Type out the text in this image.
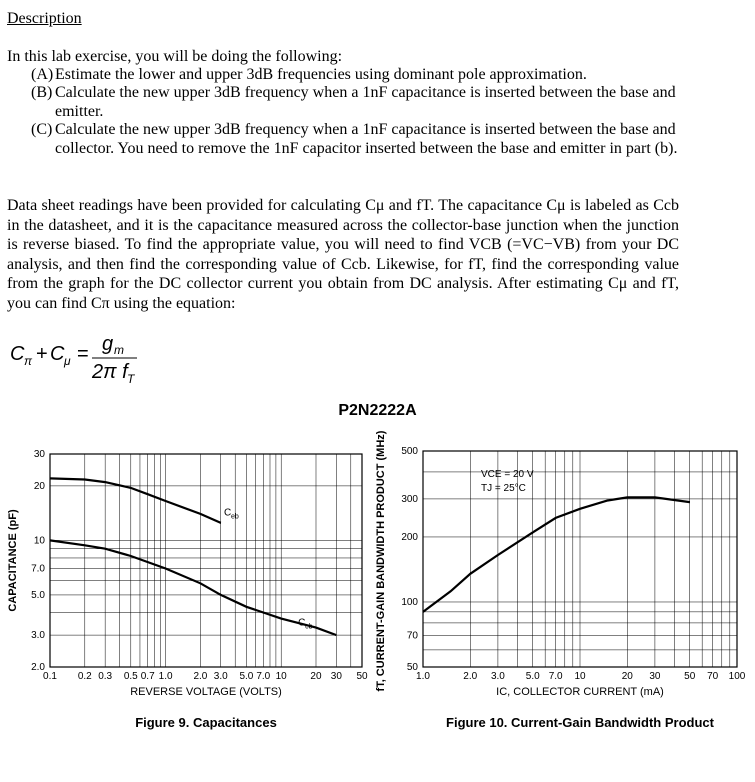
Description
In this lab exercise, you will be doing the following:
(A) Estimate the lower and upper 3dB frequencies using dominant pole approximation.
(B) Calculate the new upper 3dB frequency when a 1nF capacitance is inserted between the base and emitter.
(C) Calculate the new upper 3dB frequency when a 1nF capacitance is inserted between the base and collector. You need to remove the 1nF capacitor inserted between the base and emitter in part (b).
Data sheet readings have been provided for calculating Cμ and fT. The capacitance Cμ is labeled as Ccb in the datasheet, and it is the capacitance measured across the collector-base junction when the junction is reverse biased. To find the appropriate value, you will need to find VCB (=VC−VB) from your DC analysis, and then find the corresponding value of Ccb. Likewise, for fT, find the corresponding value from the graph for the DC collector current you obtain from DC analysis. After estimating Cμ and fT, you can find Cπ using the equation:
C π + C μ = g m
2π f T
P2N2222A
0.1 0.2 0.3 0.5 0.7 1.0 2.0 3.0 5.0 7.0 10 20 30 50
2.0
3.0
5.0
7.0
10
20
30
C eb
C cb
REVERSE VOLTAGE (VOLTS)
CAPACITANCE (pF)
Figure 9. Capacitances
1.0	2.0 3.0 5.0 7.0 10	20 30 50 70 100
50
70
100
200
300
500
VCE = 20 V
TJ = 25°C
IC, COLLECTOR CURRENT (mA)
fT, CURRENT-GAIN BANDWIDTH PRODUCT (MHz)
Figure 10. Current-Gain Bandwidth Product
